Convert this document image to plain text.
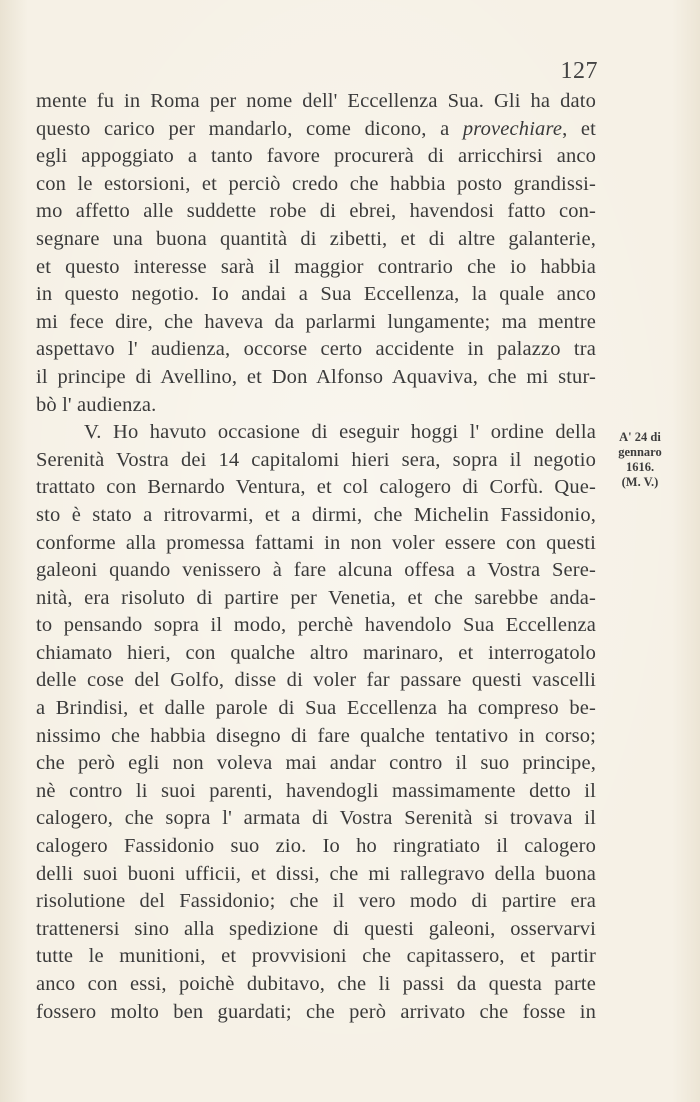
127
mente fu in Roma per nome dell' Eccellenza Sua. Gli ha dato
questo carico per mandarlo, come dicono, a provechiare, et
egli appoggiato a tanto favore procurerà di arricchirsi anco
con le estorsioni, et perciò credo che habbia posto grandissi-
mo affetto alle suddette robe di ebrei, havendosi fatto con-
segnare una buona quantità di zibetti, et di altre galanterie,
et questo interesse sarà il maggior contrario che io habbia
in questo negotio. Io andai a Sua Eccellenza, la quale anco
mi fece dire, che haveva da parlarmi lungamente; ma mentre
aspettavo l' audienza, occorse certo accidente in palazzo tra
il principe di Avellino, et Don Alfonso Aquaviva, che mi stur-
bò l' audienza.
V. Ho havuto occasione di eseguir hoggi l' ordine della
Serenità Vostra dei 14 capitalomi hieri sera, sopra il negotio
trattato con Bernardo Ventura, et col calogero di Corfù. Que-
sto è stato a ritrovarmi, et a dirmi, che Michelin Fassidonio,
conforme alla promessa fattami in non voler essere con questi
galeoni quando venissero à fare alcuna offesa a Vostra Sere-
nità, era risoluto di partire per Venetia, et che sarebbe anda-
to pensando sopra il modo, perchè havendolo Sua Eccellenza
chiamato hieri, con qualche altro marinaro, et interrogatolo
delle cose del Golfo, disse di voler far passare questi vascelli
a Brindisi, et dalle parole di Sua Eccellenza ha compreso be-
nissimo che habbia disegno di fare qualche tentativo in corso;
che però egli non voleva mai andar contro il suo principe,
nè contro li suoi parenti, havendogli massimamente detto il
calogero, che sopra l' armata di Vostra Serenità si trovava il
calogero Fassidonio suo zio. Io ho ringratiato il calogero
delli suoi buoni ufficii, et dissi, che mi rallegravo della buona
risolutione del Fassidonio; che il vero modo di partire era
trattenersi sino alla spedizione di questi galeoni, osservarvi
tutte le munitioni, et provvisioni che capitassero, et partir
anco con essi, poichè dubitavo, che li passi da questa parte
fossero molto ben guardati; che però arrivato che fosse in
A' 24 di
gennaro
1616.
(M. V.)
